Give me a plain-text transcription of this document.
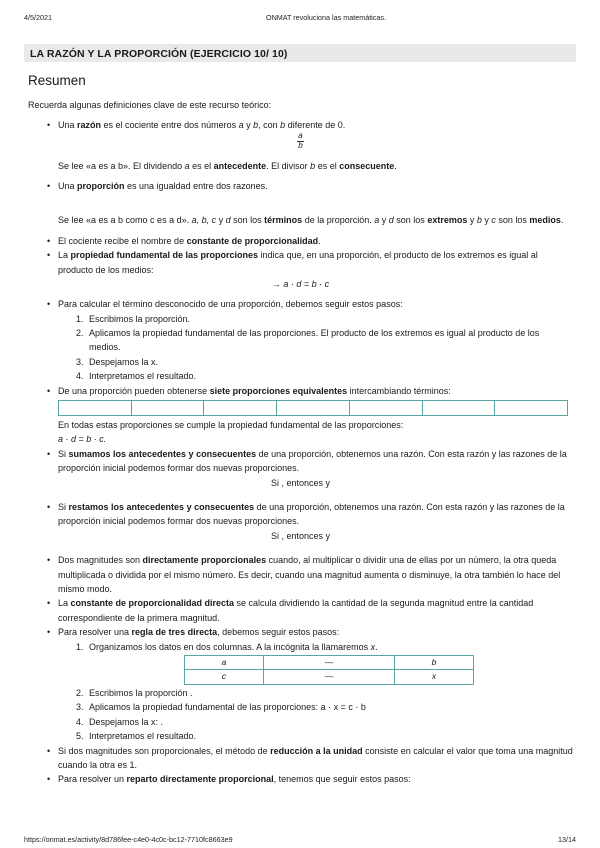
4/5/2021	ONMAT revoluciona las matemáticas.
LA RAZÓN Y LA PROPORCIÓN (EJERCICIO 10/ 10)
Resumen

Recuerda algunas definiciones clave de este recurso teórico:

• Una razón es el cociente entre dos números a y b, con b diferente de 0.
$\frac{a}{b}$

Se lee «a es a b». El dividendo a es el antecedente. El divisor b es el consecuente.

• Una proporción es una igualdad entre dos razones.

Se lee «a es a b como c es a d». a, b, c y d son los términos de la proporción. a y d son los extremos y b y c son los medios.

• El cociente recibe el nombre de constante de proporcionalidad.
• La propiedad fundamental de las proporciones indica que, en una proporción, el producto de los extremos es igual al producto de los medios:

→ a · d = b · c

• Para calcular el término desconocido de una proporción, debemos seguir estos pasos:
1. Escribimos la proporción.
2. Aplicamos la propiedad fundamental de las proporciones. El producto de los extremos es igual al producto de los medios.
3. Despejamos la x.
4. Interpretamos el resultado.
• De una proporción pueden obtenerse siete proporciones equivalentes intercambiando términos:

En todas estas proporciones se cumple la propiedad fundamental de las proporciones:

a · d = b · c.

• Si sumamos los antecedentes y consecuentes de una proporción, obtenemos una razón. Con esta razón y las razones de la proporción inicial podemos formar dos nuevas proporciones.

Si , entonces y

• Si restamos los antecedentes y consecuentes de una proporción, obtenemos una razón. Con esta razón y las razones de la proporción inicial podemos formar dos nuevas proporciones.

Si , entonces y

• Dos magnitudes son directamente proporcionales cuando, al multiplicar o dividir una de ellas por un número, la otra queda multiplicada o dividida por el mismo número. Es decir, cuando una magnitud aumenta o disminuye, la otra también lo hace del mismo modo.
• La constante de proporcionalidad directa se calcula dividiendo la cantidad de la segunda magnitud entre la cantidad correspondiente de la primera magnitud.
• Para resolver una regla de tres directa, debemos seguir estos pasos:
1. Organizamos los datos en dos columnas. A la incógnita la llamaremos x.
a	—	b
c	—	x
2. Escribimos la proporción .
3. Aplicamos la propiedad fundamental de las proporciones: a · x = c · b
4. Despejamos la x: .
5. Interpretamos el resultado.
• Si dos magnitudes son proporcionales, el método de reducción a la unidad consiste en calcular el valor que toma una magnitud cuando la otra es 1.
• Para resolver un reparto directamente proporcional, tenemos que seguir estos pasos:
https://onmat.es/activity/8d786fee-c4e0-4c0c-bc12-7710fc8663e9	13/14
